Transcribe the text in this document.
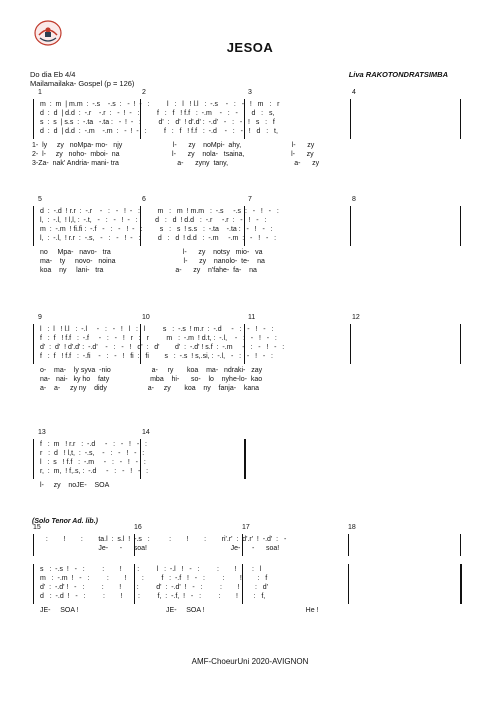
JESOA
Do dia Eb 4/4
Mailamailaka- Gospel (p = 126)
Liva RAKOTONDRATSIMBA
1	2	3	4
m  :  m  | m.m  :  -.s    -.s  :   -  !  -   :         l   :   l   ! l.l   :  -.s    -   :   -   !   m   :   r
d  :  d  | d.d  :  -.r    -.r  :   -  !  -   :         f   :   f   ! f.f   :  -.m    -   :   -   !   d   :   s,
s  :  s  | s.s  :  -.ta   -.ta :   -  !  -   :         d'  :   d'  ! d'.d' :  -.d'   -   :   -   !   s   :   f
d  :  d  | d.d  :  -.m    -.m  :   -  !  -   :         f   :   f   ! f.f   :  -.d    -   :   -   !   d   :   t,
1-  ly     zy   noMpa- mo-   njy                          l-      zy    noMpi-  ahy,                          l-      zy
2-  l-     zy   noho-  mboi-  na                           l-      zy    nola-   tsaina,                        l-      zy
3-Za-  nak' Andria- mani- tra                              a-      zyny  tany,                                  a-      zy
5	6	7	8
d  :  -.d  ! r.r  :  -.r    -   :   -   !  -   :         m   :   m  ! m.m   :  -.s     -.s  :   -   !   -   :
l,  :  -.l,  ! l,l, :  -.t,   -   :   -   !  -   :         d   :   d  ! d.d   :  -.r     -.r  :   -   !   -   :
m  :  -.m  ! fi.fi :  -.f   -   :   -   !  -   :         s   :   s  ! s.s   :  -.ta    -.ta :   -   !   -   :
l,  :  -.l,  ! r.r  :  -.s,   -   :   -   !  -   :         d   :   d  ! d.d   :  -.m     -.m  :   -   !   -   :
no     Mpa-   navo-   tra                                     l-      zy    notsy   mio-   va
ma-    ty     novo-   noina                                   l-      zy    nanolo-  te-    na
koa    ny     lani-   tra                                     a-      zy    n'fahe-  fa-    na
9	10	11	12
l   :  l   ! l.l   :  -.l     -   :   -   !   l   :   l         s   :  -.s  ! m.r  :  -.d     -   :   -   !   -   :
f   :  f   ! f.f   :  -.f     -   :   -   !   r   :   r         m   :  -.m  ! d.t, :  -.l,    -   :   -   !   -   :
d'  :  d'  ! d'.d' :  -.d'    -   :   -   !   d'  :   d'        d'  :  -.d' ! s.f  :  -.m     -   :   -   !   -   :
f   :  f   ! f.f   :  -.fi    -   :   -   !   fi  :   fi        s   :  -.s  ! s,.si, :  -.l,   -   :   -   !   -   :
o-    ma-    ly syva  -nio                     a-     ry       koa    ma-   ndraki-   zay
na-   nai-   ky ho    faty                     mba    hi-      so-    lo    nyhe-lo-  kao
a-    a-     zy ny    didy                     a-     zy       koa    ny    fanja-    kana
13	14
f   :  m   ! r.r   :  -.d     -   :   -   !   -   :
r   :  d   ! l,t,  :  -.s,    -   :   -   !   -   :
l   :  s   ! f.f   :  -.m     -   :   -   !   -   :
r,  :  m,  ! f,.s, :  -.d     -   :   -   !   -   :
l-     zy    noJE-    SOA
(Solo Tenor Ad. lib.)
15	16	17	18
:        !        :        ta.l  :  s.l  !  -.s   :          :        !        :        ri'.r'  :  d'.r'  !  -.d'  :   -
Je-      -      soa!                                           Je-      -      soa!
s   :  -.s  !   -   :         :        !        :         l   :  -.l   !   -   :         :        !        :   l
m   :  -.m  !   -   :         :        !        :         f   :  -.f   !   -   :         :        !        :   f
d'  :  -.d' !   -   :         :        !        :         d'  :  -.d'  !   -   :         :        !        :   d'
d   :  -.d  !   -   :         :        !        :         f,  :  -.f,  !   -   :         :        !        :   f,
JE-     SOA !                                             JE-     SOA !                                                    He !
AMF-ChoeurUni 2020-AVIGNON
